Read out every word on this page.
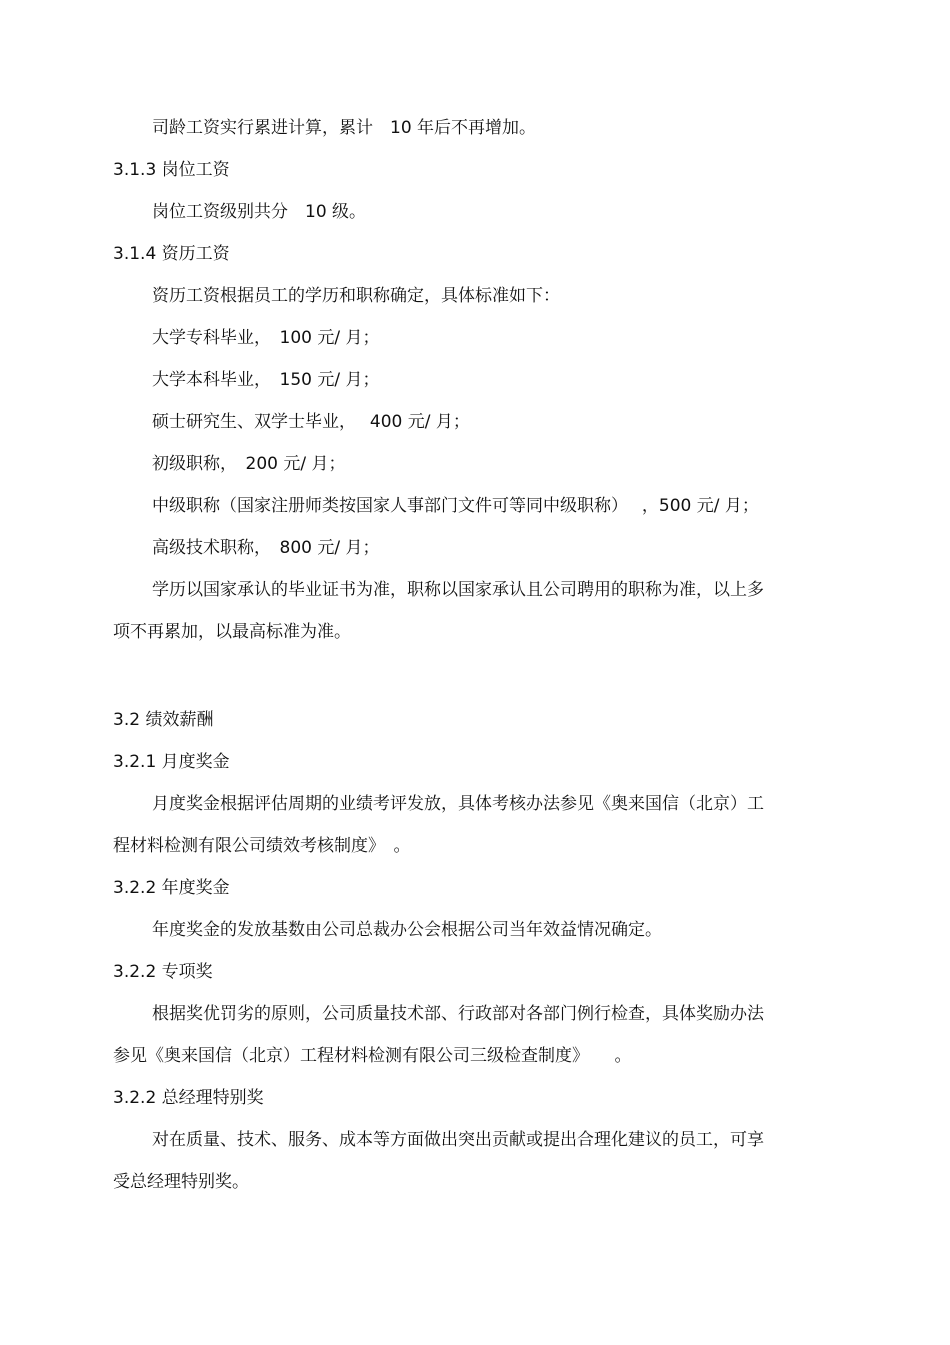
司龄工资实行累进计算，累计　10 年后不再增加。
3.1.3 岗位工资
岗位工资级别共分　10 级。
3.1.4 资历工资
资历工资根据员工的学历和职称确定，具体标准如下：
大学专科毕业，　100 元/ 月；
大学本科毕业，　150 元/ 月；
硕士研究生、双学士毕业，　 400 元/ 月；
初级职称，　200 元/ 月；
中级职称（国家注册师类按国家人事部门文件可等同中级职称）　 ，500 元/ 月；
高级技术职称，　800 元/ 月；
学历以国家承认的毕业证书为准，职称以国家承认且公司聘用的职称为准，以上多
项不再累加，以最高标准为准。
3.2 绩效薪酬
3.2.1 月度奖金
月度奖金根据评估周期的业绩考评发放，具体考核办法参见《奥来国信（北京）工
程材料检测有限公司绩效考核制度》　。
3.2.2 年度奖金
年度奖金的发放基数由公司总裁办公会根据公司当年效益情况确定。
3.2.2 专项奖
根据奖优罚劣的原则，公司质量技术部、行政部对各部门例行检查，具体奖励办法
参见《奥来国信（北京）工程材料检测有限公司三级检查制度》　　。
3.2.2 总经理特别奖
对在质量、技术、服务、成本等方面做出突出贡献或提出合理化建议的员工，可享
受总经理特别奖。
